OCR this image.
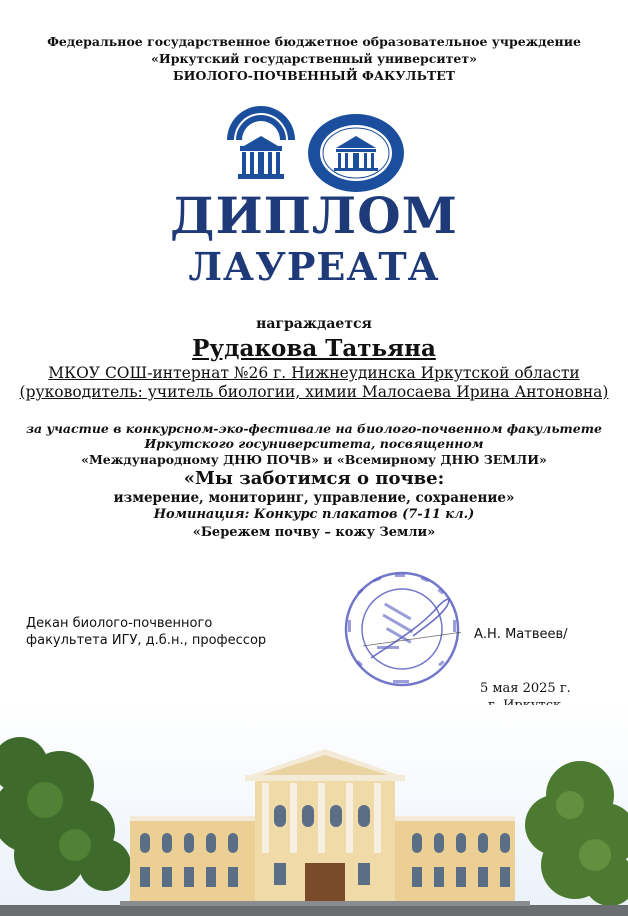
Федеральное государственное бюджетное образовательное учреждение
«Иркутский государственный университет»
БИОЛОГО-ПОЧВЕННЫЙ ФАКУЛЬТЕТ
ДИПЛОМ
ЛАУРЕАТА
награждается
Рудакова Татьяна
МКОУ СОШ-интернат №26 г. Нижнеудинска Иркутской области
(руководитель: учитель биологии, химии Малосаева Ирина Антоновна)
за участие в конкурсном-эко-фестивале на биолого-почвенном факультете
Иркутского госуниверситета, посвященном
«Международному ДНЮ ПОЧВ» и «Всемирному ДНЮ ЗЕМЛИ»
«Мы заботимся о почве:
измерение, мониторинг, управление, сохранение»
Номинация: Конкурс плакатов (7-11 кл.)
«Бережем почву – кожу Земли»
Декан биолого-почвенного
факультета ИГУ, д.б.н., профессор	А.Н. Матвеев/
5 мая 2025 г.
